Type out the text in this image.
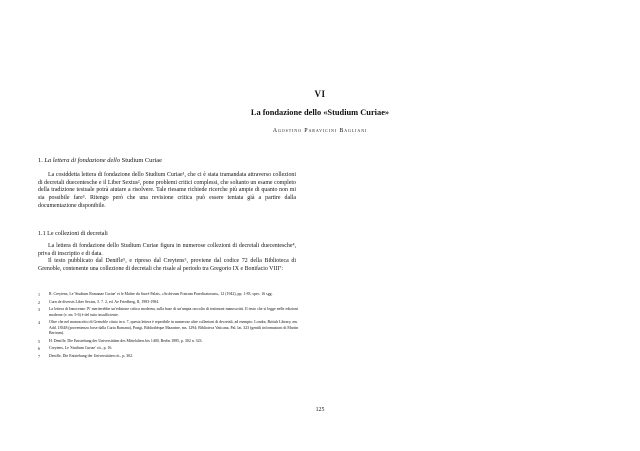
VI
La fondazione dello «Studium Curiae»
Agostino Paravicini Bagliani
1. La lettera di fondazione dello Studium Curiae

La cosiddetta lettera di fondazione dello Studium Curiae¹, che ci è stata tramandata attraverso collezioni di decretali duecentesche e il Liber Sextus², pone problemi critici complessi, che soltanto un esame completo della tradizione testuale potrà aiutare a risolvere. Tale riesame richiede ricerche più ampie di quanto non mi sia possibile fare³. Ritengo però che una revisione critica può essere tentata già a partire dalla documentazione disponibile.

1.1 Le collezioni di decretali

La lettera di fondazione dello Studium Curiae figura in numerose collezioni di decretali duecentesche⁴, priva di inscriptio e di data.

Il testo pubblicato dal Denifle⁵, e ripreso dal Creytens⁶, proviene dal codice 72 della Biblioteca di Grenoble, contenente una collezione di decretali che risale al periodo tra Gregorio IX e Bonifacio VIII⁷:

1	R. Creytens, Le 'Studium Romanae Curiae' et le Maître du Sacré Palais, «Archivum Fratrum Praedicatorum», 12 (1942), pp. 1-83, spec. 16 sgg.
2	Curn de diversis Liber Sextus, 5. 7. 2, ed. Ae Friedberg, II, 1983-1984.
3	La lettera di Innocenzo IV meriterebbe un'edizione critica moderna, sulla base di un'ampia raccolta di testimoni manoscritti. Il testo che si legge nelle edizioni moderne (v. nn. 5-6) è del tutto insufficiente.
4	Oltre che nel manoscritto di Grenoble citato in n. 7, questa lettera è reperibile in numerose altre collezioni di decretali, ad esempio: Londra, British Library, ms. Add. 18348 (provenienza forse dalla Curia Romana), Parigi, Bibliothèque Mazarine, ms. 1294; Biblioteca Vaticana, Pal. lat. 323 (gentili informazioni di Martin Bertram).
5	H. Denifle, Die Entstehung der Universitäten des Mittelalters bis 1400, Berlin 1885, p. 302 n. 323.
6	Creytens, Le 'Studium Curiae' cit., p. 16.
7	Denifle, Die Entstehung der Universitäten cit., p. 302.
125
